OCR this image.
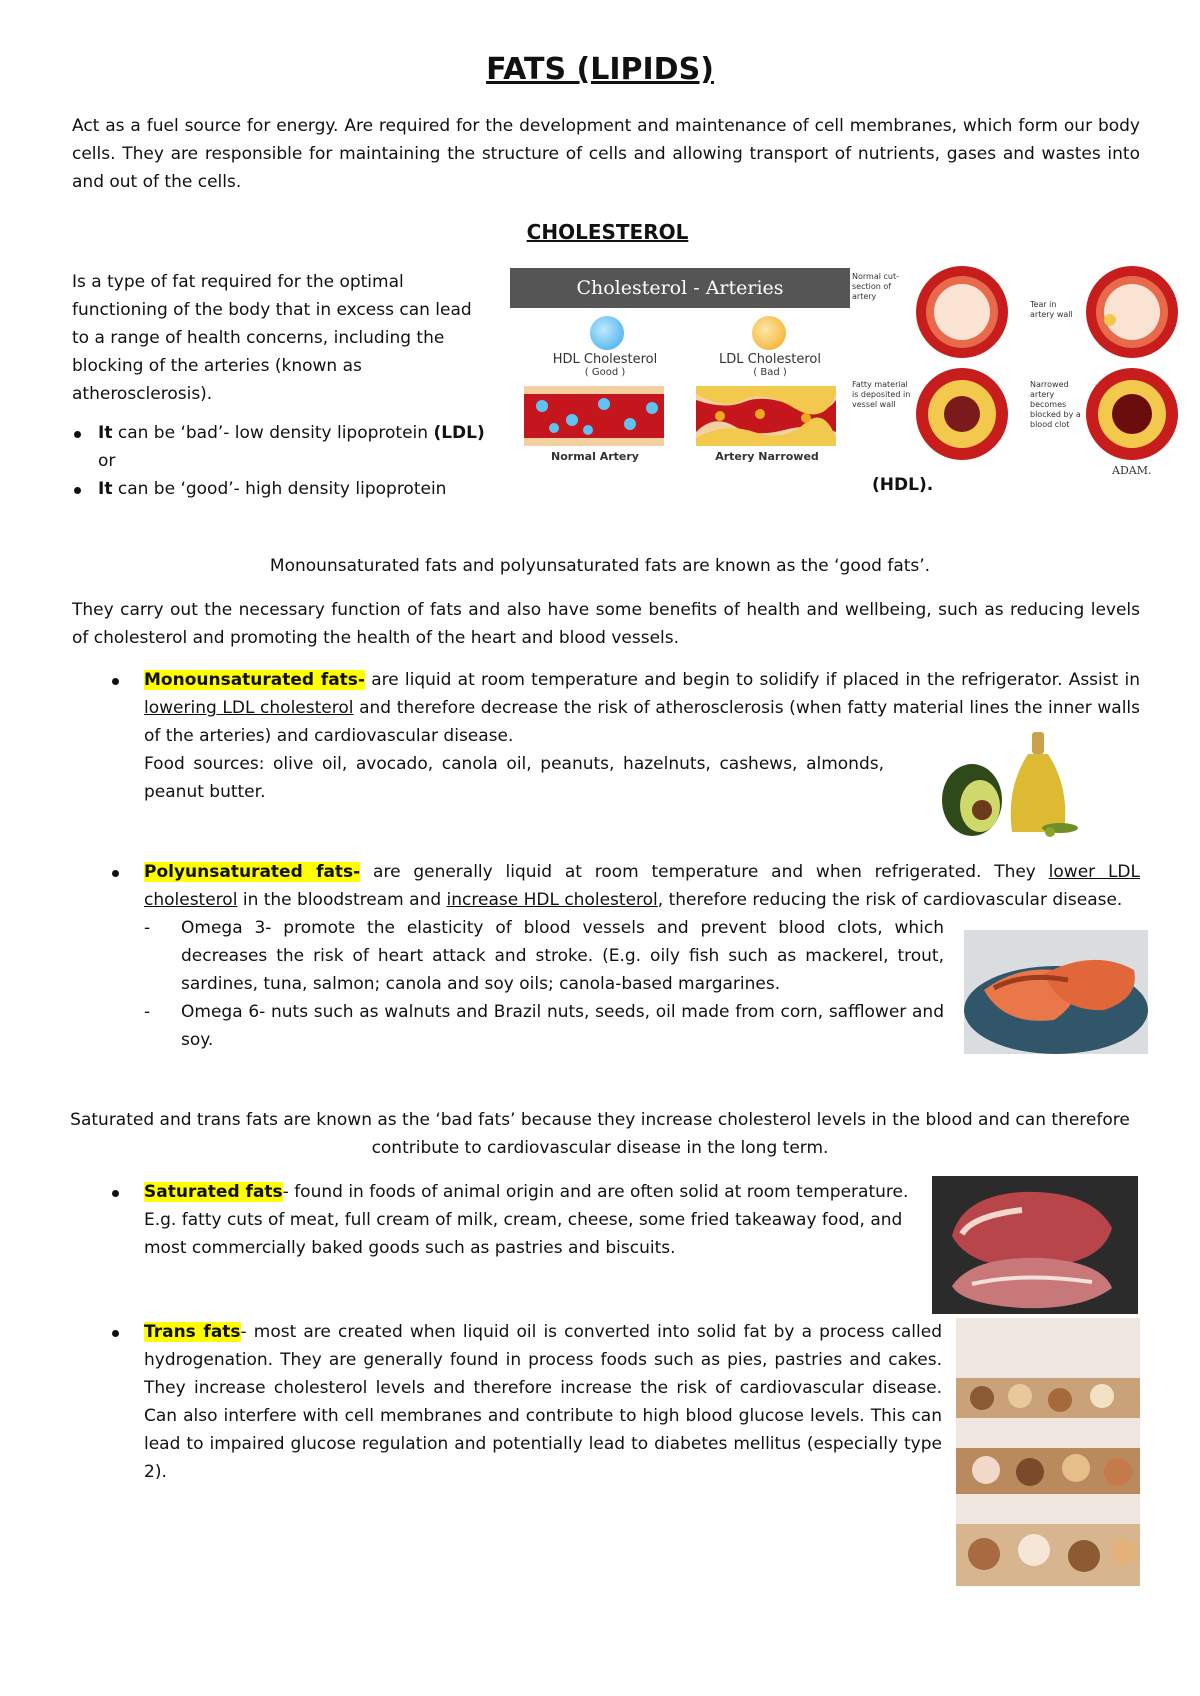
FATS (LIPIDS)
Act as a fuel source for energy. Are required for the development and maintenance of cell membranes, which form our body cells. They are responsible for maintaining the structure of cells and allowing transport of nutrients, gases and wastes into and out of the cells.
CHOLESTEROL
Is a type of fat required for the optimal functioning of the body that in excess can lead to a range of health concerns, including the blocking of the arteries (known as atherosclerosis).
It can be ‘bad’- low density lipoprotein (LDL)
or
It can be ‘good’- high density lipoprotein	(HDL).
Cholesterol - Arteries
HDL Cholesterol
( Good )
LDL Cholesterol
( Bad )
Normal Artery	Artery Narrowed
Normal cut- section of artery
Tear in artery wall
Fatty material is deposited in vessel wall
Narrowed artery becomes blocked by a blood clot
ADAM.
Monounsaturated fats and polyunsaturated fats are known as the ‘good fats’.
They carry out the necessary function of fats and also have some benefits of health and wellbeing, such as reducing levels of cholesterol and promoting the health of the heart and blood vessels.
Monounsaturated fats- are liquid at room temperature and begin to solidify if placed in the refrigerator. Assist in lowering LDL cholesterol and therefore decrease the risk of atherosclerosis (when fatty material lines the inner walls of the arteries) and cardiovascular disease.
Food sources: olive oil, avocado, canola oil, peanuts, hazelnuts, cashews, almonds, peanut butter.
Polyunsaturated fats- are generally liquid at room temperature and when refrigerated. They lower LDL cholesterol in the bloodstream and increase HDL cholesterol, therefore reducing the risk of cardiovascular disease.
- Omega 3- promote the elasticity of blood vessels and prevent blood clots, which decreases the risk of heart attack and stroke. (E.g. oily fish such as mackerel, trout, sardines, tuna, salmon; canola and soy oils; canola-based margarines.
- Omega 6- nuts such as walnuts and Brazil nuts, seeds, oil made from corn, safflower and soy.
Saturated and trans fats are known as the ‘bad fats’ because they increase cholesterol levels in the blood and can therefore contribute to cardiovascular disease in the long term.
Saturated fats- found in foods of animal origin and are often solid at room temperature. E.g. fatty cuts of meat, full cream of milk, cream, cheese, some fried takeaway food, and most commercially baked goods such as pastries and biscuits.
Trans fats- most are created when liquid oil is converted into solid fat by a process called hydrogenation. They are generally found in process foods such as pies, pastries and cakes. They increase cholesterol levels and therefore increase the risk of cardiovascular disease. Can also interfere with cell membranes and contribute to high blood glucose levels. This can lead to impaired glucose regulation and potentially lead to diabetes mellitus (especially type 2).
